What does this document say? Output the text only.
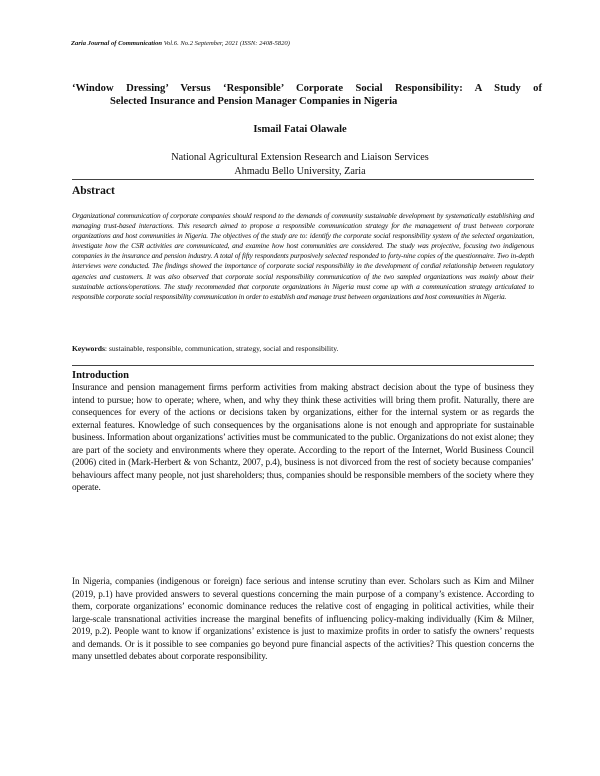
Zaria Journal of Communication Vol.6. No.2 September, 2021 (ISSN: 2408-5820)
‘Window Dressing’ Versus ‘Responsible’ Corporate Social Responsibility: A Study of
Selected Insurance and Pension Manager Companies in Nigeria
Ismail Fatai Olawale
National Agricultural Extension Research and Liaison Services
Ahmadu Bello University, Zaria
Abstract
Organizational communication of corporate companies should respond to the demands of community sustainable development by systematically establishing and managing trust-based interactions. This research aimed to propose a responsible communication strategy for the management of trust between corporate organizations and host communities in Nigeria. The objectives of the study are to: identify the corporate social responsibility system of the selected organization, investigate how the CSR activities are communicated, and examine how host communities are considered. The study was projective, focusing two indigenous companies in the insurance and pension industry. A total of fifty respondents purposively selected responded to forty-nine copies of the questionnaire. Two in-depth interviews were conducted. The findings showed the importance of corporate social responsibility in the development of cordial relationship between regulatory agencies and customers. It was also observed that corporate social responsibility communication of the two sampled organizations was mainly about their sustainable actions/operations. The study recommended that corporate organizations in Nigeria must come up with a communication strategy articulated to responsible corporate social responsibility communication in order to establish and manage trust between organizations and host communities in Nigeria.
Keywords: sustainable, responsible, communication, strategy, social and responsibility.
Introduction
Insurance and pension management firms perform activities from making abstract decision about the type of business they intend to pursue; how to operate; where, when, and why they think these activities will bring them profit. Naturally, there are consequences for every of the actions or decisions taken by organizations, either for the internal system or as regards the external features. Knowledge of such consequences by the organisations alone is not enough and appropriate for sustainable business. Information about organizations’ activities must be communicated to the public. Organizations do not exist alone; they are part of the society and environments where they operate. According to the report of the Internet, World Business Council (2006) cited in (Mark-Herbert & von Schantz, 2007, p.4), business is not divorced from the rest of society because companies’ behaviours affect many people, not just shareholders; thus, companies should be responsible members of the society where they operate.
In Nigeria, companies (indigenous or foreign) face serious and intense scrutiny than ever. Scholars such as Kim and Milner (2019, p.1) have provided answers to several questions concerning the main purpose of a company’s existence. According to them, corporate organizations’ economic dominance reduces the relative cost of engaging in political activities, while their large-scale transnational activities increase the marginal benefits of influencing policy-making individually (Kim & Milner, 2019, p.2). People want to know if organizations’ existence is just to maximize profits in order to satisfy the owners’ requests and demands. Or is it possible to see companies go beyond pure financial aspects of the activities? This question concerns the many unsettled debates about corporate responsibility.
